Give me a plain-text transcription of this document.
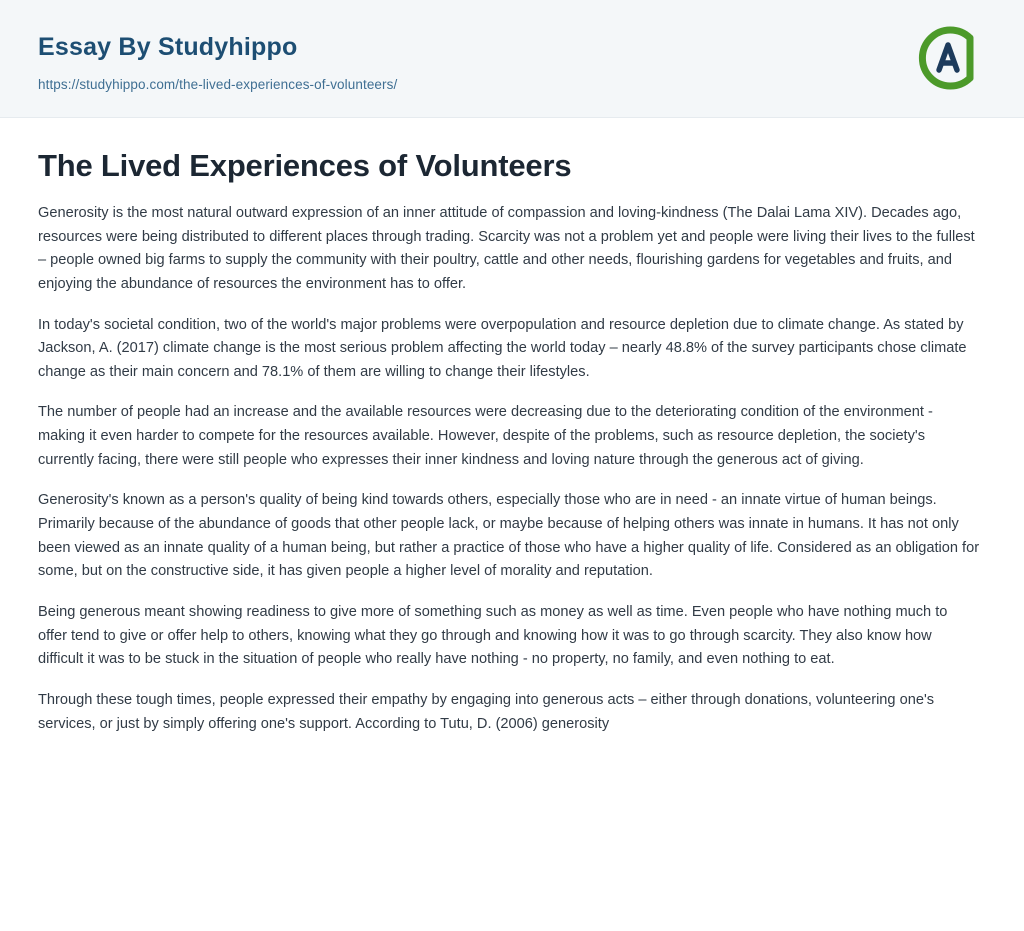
Essay By Studyhippo
https://studyhippo.com/the-lived-experiences-of-volunteers/
The Lived Experiences of Volunteers

Generosity is the most natural outward expression of an inner attitude of compassion and loving-kindness (The Dalai Lama XIV). Decades ago, resources were being distributed to different places through trading. Scarcity was not a problem yet and people were living their lives to the fullest – people owned big farms to supply the community with their poultry, cattle and other needs, flourishing gardens for vegetables and fruits, and enjoying the abundance of resources the environment has to offer.

In today's societal condition, two of the world's major problems were overpopulation and resource depletion due to climate change. As stated by Jackson, A. (2017) climate change is the most serious problem affecting the world today – nearly 48.8% of the survey participants chose climate change as their main concern and 78.1% of them are willing to change their lifestyles.

The number of people had an increase and the available resources were decreasing due to the deteriorating condition of the environment - making it even harder to compete for the resources available. However, despite of the problems, such as resource depletion, the society's currently facing, there were still people who expresses their inner kindness and loving nature through the generous act of giving.

Generosity's known as a person's quality of being kind towards others, especially those who are in need - an innate virtue of human beings. Primarily because of the abundance of goods that other people lack, or maybe because of helping others was innate in humans. It has not only been viewed as an innate quality of a human being, but rather a practice of those who have a higher quality of life. Considered as an obligation for some, but on the constructive side, it has given people a higher level of morality and reputation.

Being generous meant showing readiness to give more of something such as money as well as time. Even people who have nothing much to offer tend to give or offer help to others, knowing what they go through and knowing how it was to go through scarcity. They also know how difficult it was to be stuck in the situation of people who really have nothing - no property, no family, and even nothing to eat.

Through these tough times, people expressed their empathy by engaging into generous acts – either through donations, volunteering one's services, or just by simply offering one's support. According to Tutu, D. (2006) generosity
